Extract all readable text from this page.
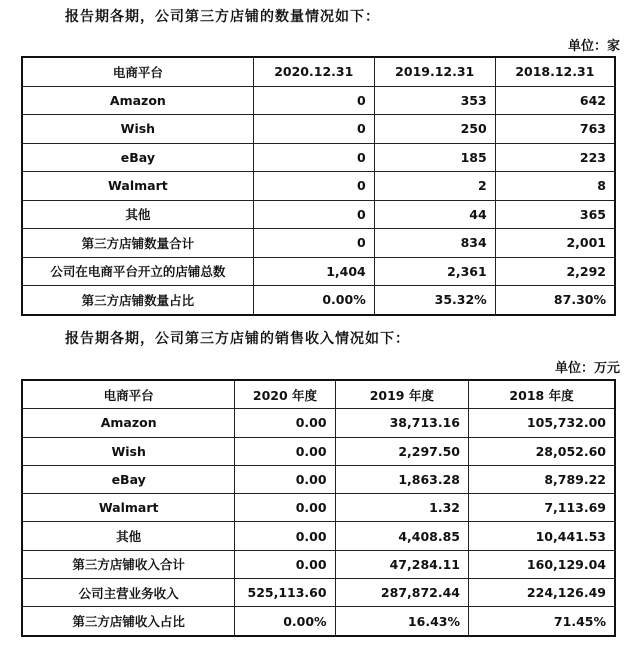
报告期各期，公司第三方店铺的数量情况如下：
单位：家
电商平台	2020.12.31	2019.12.31	2018.12.31
Amazon	0	353	642
Wish	0	250	763
eBay	0	185	223
Walmart	0	2	8
其他	0	44	365
第三方店铺数量合计	0	834	2,001
公司在电商平台开立的店铺总数	1,404	2,361	2,292
第三方店铺数量占比	0.00%	35.32%	87.30%
报告期各期，公司第三方店铺的销售收入情况如下：
单位：万元
电商平台	2020 年度	2019 年度	2018 年度
Amazon	0.00	38,713.16	105,732.00
Wish	0.00	2,297.50	28,052.60
eBay	0.00	1,863.28	8,789.22
Walmart	0.00	1.32	7,113.69
其他	0.00	4,408.85	10,441.53
第三方店铺收入合计	0.00	47,284.11	160,129.04
公司主营业务收入	525,113.60	287,872.44	224,126.49
第三方店铺收入占比	0.00%	16.43%	71.45%
